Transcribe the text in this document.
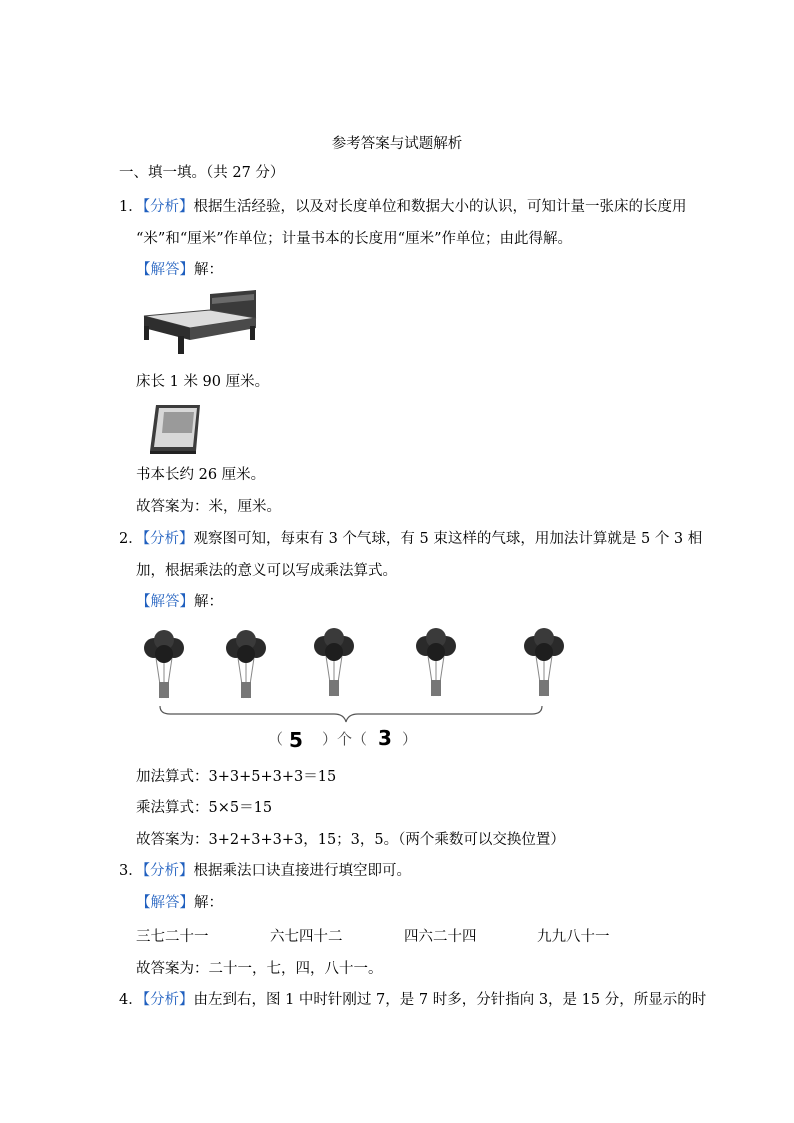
参考答案与试题解析
一、填一填。（共 27 分）
1．【分析】根据生活经验，以及对长度单位和数据大小的认识，可知计量一张床的长度用
“米”和“厘米”作单位；计量书本的长度用“厘米”作单位；由此得解。
【解答】解：
床长 1 米 90 厘米。
书本长约 26 厘米。
故答案为：米，厘米。
2．【分析】观察图可知，每束有 3 个气球，有 5 束这样的气球，用加法计算就是 5 个 3 相
加，根据乘法的意义可以写成乘法算式。
【解答】解：
（ 5 ）个（ 3 ）
加法算式：3+3+5+3+3＝15
乘法算式：5×5＝15
故答案为：3+2+3+3+3，15；3，5。（两个乘数可以交换位置）
3．【分析】根据乘法口诀直接进行填空即可。
【解答】解：
三七二十一	六七四十二	四六二十四	九九八十一
故答案为：二十一，七，四，八十一。
4．【分析】由左到右，图 1 中时针刚过 7，是 7 时多，分针指向 3，是 15 分，所显示的时
